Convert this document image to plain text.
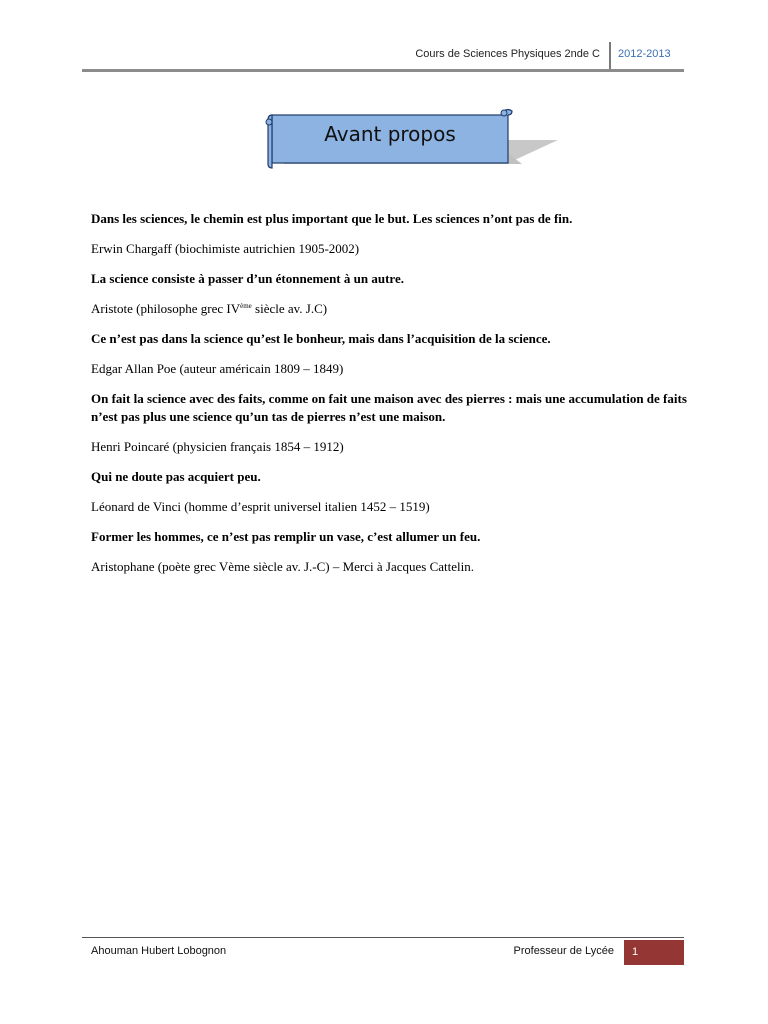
Cours de Sciences Physiques 2nde C 2012-2013
Avant propos

Dans les sciences, le chemin est plus important que le but. Les sciences n’ont pas de fin.

Erwin Chargaff (biochimiste autrichien 1905-2002)

La science consiste à passer d’un étonnement à un autre.

Aristote (philosophe grec IVème siècle av. J.C)

Ce n’est pas dans la science qu’est le bonheur, mais dans l’acquisition de la science.

Edgar Allan Poe (auteur américain 1809 – 1849)

On fait la science avec des faits, comme on fait une maison avec des pierres : mais une accumulation de faits n’est pas plus une science qu’un tas de pierres n’est une maison.

Henri Poincaré (physicien français 1854 – 1912)

Qui ne doute pas acquiert peu.

Léonard de Vinci (homme d’esprit universel italien 1452 – 1519)

Former les hommes, ce n’est pas remplir un vase, c’est allumer un feu.

Aristophane (poète grec Vème siècle av. J.-C) – Merci à Jacques Cattelin.

Ahouman Hubert Lobognon	Professeur de Lycée	1
